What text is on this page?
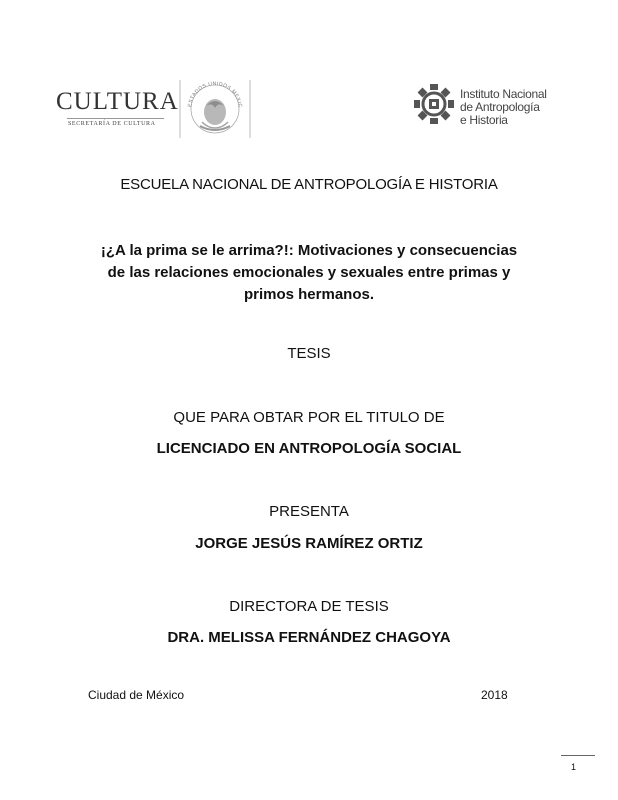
CULTURA
SECRETARÍA DE CULTURA
ESTADOS UNIDOS MEXIC
Instituto Nacional
de Antropología
e Historia
ESCUELA NACIONAL DE ANTROPOLOGÍA E HISTORIA
¡¿A la prima se le arrima?!: Motivaciones y consecuencias
de las relaciones emocionales y sexuales entre primas y
primos hermanos.
TESIS
QUE PARA OBTAR POR EL TITULO DE
LICENCIADO EN ANTROPOLOGÍA SOCIAL
PRESENTA
JORGE JESÚS RAMÍREZ ORTIZ
DIRECTORA DE TESIS
DRA. MELISSA FERNÁNDEZ CHAGOYA
Ciudad de México	2018
1
